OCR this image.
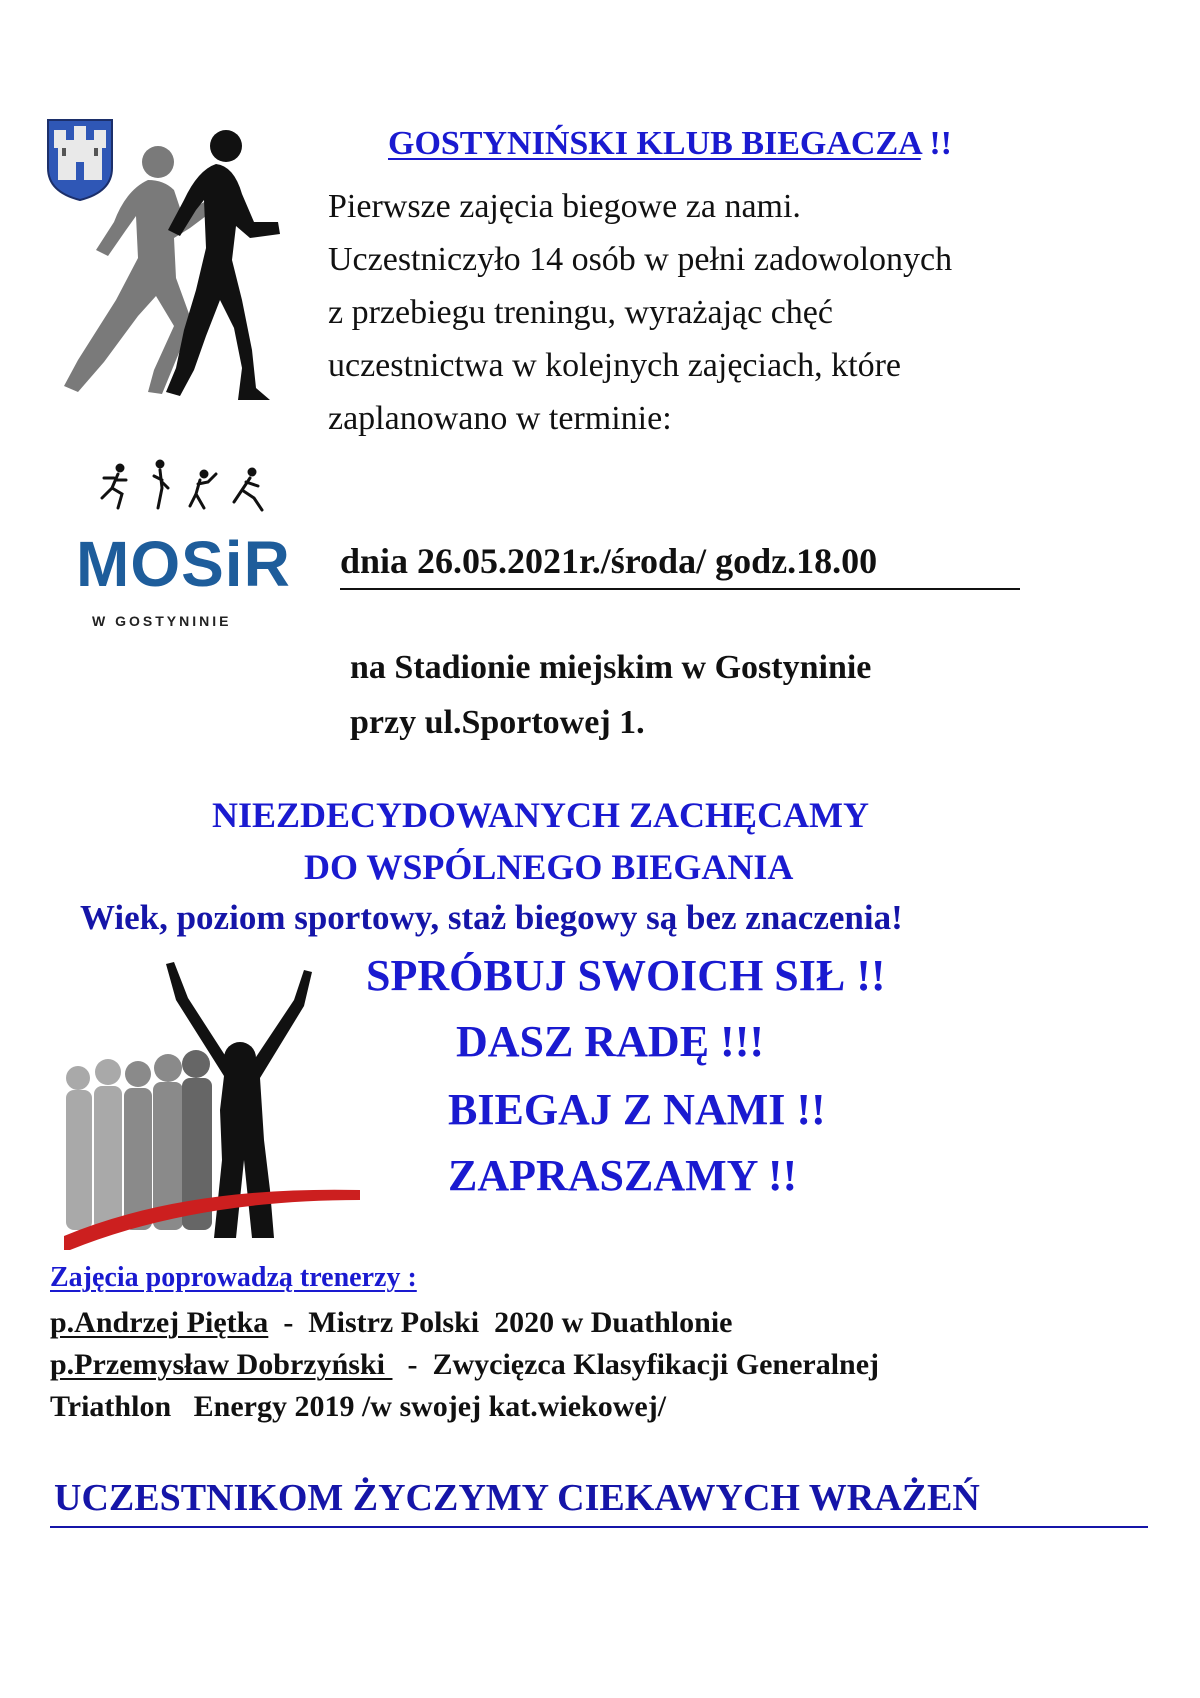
MOSiR
W GOSTYNINIE
GOSTYNIŃSKI KLUB BIEGACZA !!
Pierwsze zajęcia biegowe za nami.
Uczestniczyło 14 osób w pełni zadowolonych
z przebiegu treningu, wyrażając chęć
uczestnictwa w kolejnych zajęciach, które
zaplanowano w terminie:
dnia 26.05.2021r./środa/ godz.18.00
na Stadionie miejskim w Gostyninie
przy ul.Sportowej 1.
NIEZDECYDOWANYCH ZACHĘCAMY
DO WSPÓLNEGO BIEGANIA
Wiek, poziom sportowy, staż biegowy są bez znaczenia!
SPRÓBUJ SWOICH SIŁ !!
DASZ RADĘ !!!
BIEGAJ Z NAMI !!
ZAPRASZAMY !!
Zajęcia poprowadzą trenerzy :
p.Andrzej Piętka  -  Mistrz Polski  2020 w Duathlonie
p.Przemysław Dobrzyński   -  Zwycięzca Klasyfikacji Generalnej
Triathlon   Energy 2019 /w swojej kat.wiekowej/
UCZESTNIKOM ŻYCZYMY CIEKAWYCH WRAŻEŃ
